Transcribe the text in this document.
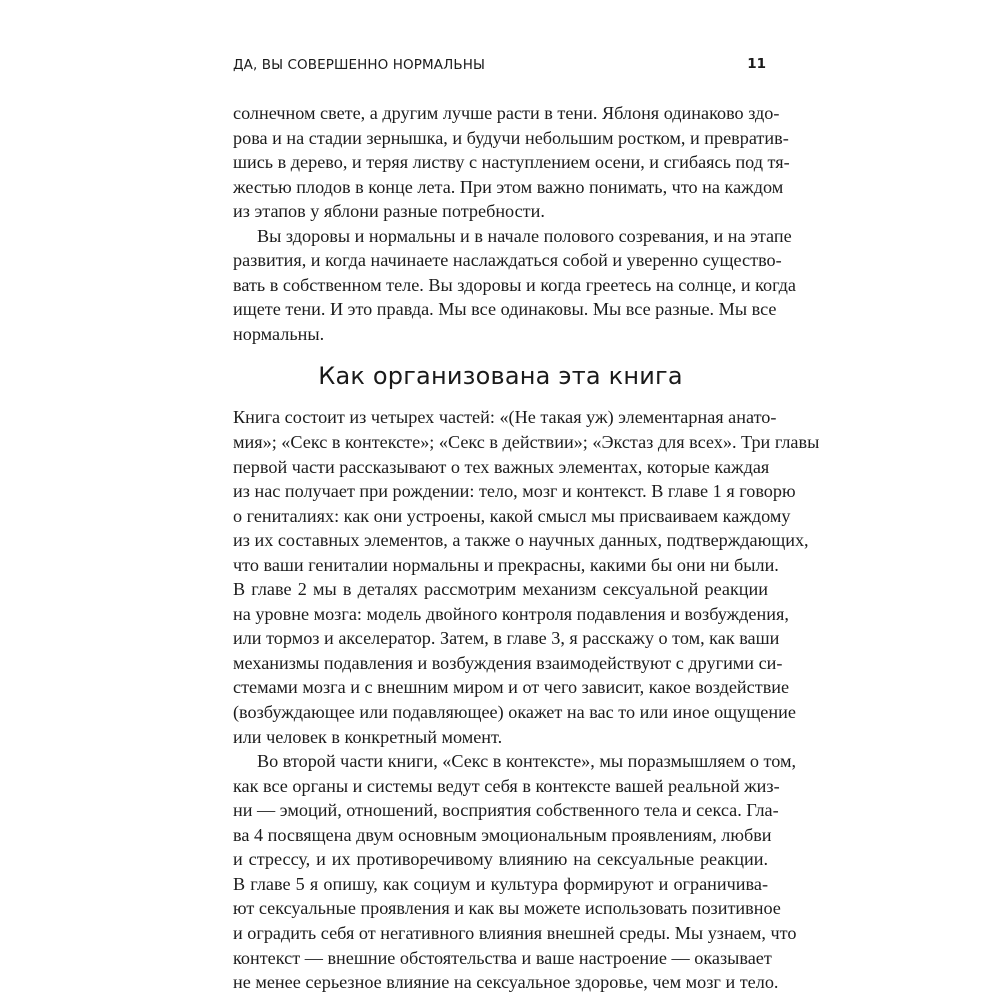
ДА, ВЫ СОВЕРШЕННО НОРМАЛЬНЫ	11
солнечном свете, а другим лучше расти в тени. Яблоня одинаково здо-
рова и на стадии зернышка, и будучи небольшим ростком, и превратив-
шись в дерево, и теряя листву с наступлением осени, и сгибаясь под тя-
жестью плодов в конце лета. При этом важно понимать, что на каждом
из этапов у яблони разные потребности.
Вы здоровы и нормальны и в начале полового созревания, и на этапе
развития, и когда начинаете наслаждаться собой и уверенно существо-
вать в собственном теле. Вы здоровы и когда греетесь на солнце, и когда
ищете тени. И это правда. Мы все одинаковы. Мы все разные. Мы все
нормальны.
Как организована эта книга
Книга состоит из четырех частей: «(Не такая уж) элементарная анато-
мия»; «Секс в контексте»; «Секс в действии»; «Экстаз для всех». Три главы
первой части рассказывают о тех важных элементах, которые каждая
из нас получает при рождении: тело, мозг и контекст. В главе 1 я говорю
о гениталиях: как они устроены, какой смысл мы присваиваем каждому
из их составных элементов, а также о научных данных, подтверждающих,
что ваши гениталии нормальны и прекрасны, какими бы они ни были.
В главе 2 мы в деталях рассмотрим механизм сексуальной реакции
на уровне мозга: модель двойного контроля подавления и возбуждения,
или тормоз и акселератор. Затем, в главе 3, я расскажу о том, как ваши
механизмы подавления и возбуждения взаимодействуют с другими си-
стемами мозга и с внешним миром и от чего зависит, какое воздействие
(возбуждающее или подавляющее) окажет на вас то или иное ощущение
или человек в конкретный момент.
Во второй части книги, «Секс в контексте», мы поразмышляем о том,
как все органы и системы ведут себя в контексте вашей реальной жиз-
ни — эмоций, отношений, восприятия собственного тела и секса. Гла-
ва 4 посвящена двум основным эмоциональным проявлениям, любви
и стрессу, и их противоречивому влиянию на сексуальные реакции.
В главе 5 я опишу, как социум и культура формируют и ограничива-
ют сексуальные проявления и как вы можете использовать позитивное
и оградить себя от негативного влияния внешней среды. Мы узнаем, что
контекст — внешние обстоятельства и ваше настроение — оказывает
не менее серьезное влияние на сексуальное здоровье, чем мозг и тело.
